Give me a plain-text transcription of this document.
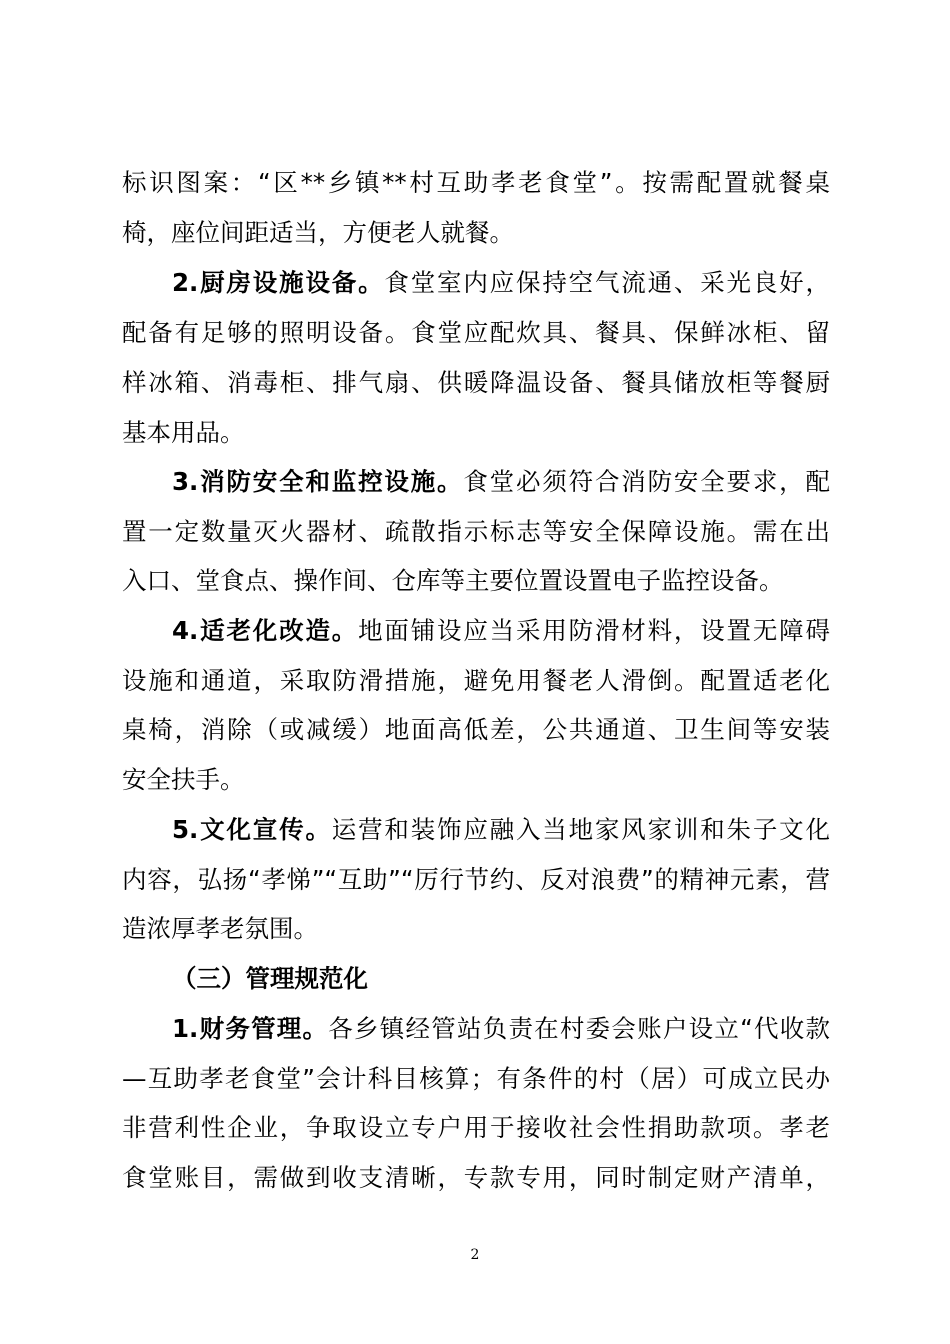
标识图案：“区**乡镇**村互助孝老食堂”。按需配置就餐桌
椅，座位间距适当，方便老人就餐。
2.厨房设施设备。食堂室内应保持空气流通、采光良好，
配备有足够的照明设备。食堂应配炊具、餐具、保鲜冰柜、留
样冰箱、消毒柜、排气扇、供暖降温设备、餐具储放柜等餐厨
基本用品。
3.消防安全和监控设施。食堂必须符合消防安全要求，配
置一定数量灭火器材、疏散指示标志等安全保障设施。需在出
入口、堂食点、操作间、仓库等主要位置设置电子监控设备。
4.适老化改造。地面铺设应当采用防滑材料，设置无障碍
设施和通道，采取防滑措施，避免用餐老人滑倒。配置适老化
桌椅，消除（或减缓）地面高低差，公共通道、卫生间等安装
安全扶手。
5.文化宣传。运营和装饰应融入当地家风家训和朱子文化
内容，弘扬“孝悌”“互助”“厉行节约、反对浪费”的精神元素，营
造浓厚孝老氛围。
（三）管理规范化
1.财务管理。各乡镇经管站负责在村委会账户设立“代收款
—互助孝老食堂”会计科目核算；有条件的村（居）可成立民办
非营利性企业，争取设立专户用于接收社会性捐助款项。孝老
食堂账目，需做到收支清晰，专款专用，同时制定财产清单，
2
